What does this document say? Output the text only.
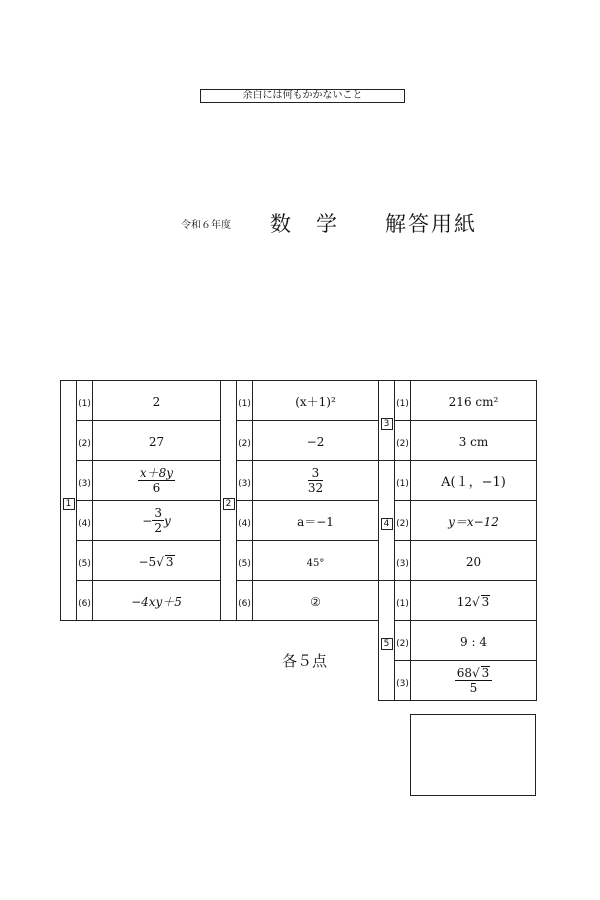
余白には何もかかないこと
令和６年度 数　学　　解答用紙
1	(1)	2
	(2)	27
	(3)	$\frac{x+8y}{6}$

	(4)	− $\frac{3}{2}$ y
	(5)	−5√ 3
	(6)	−4xy＋5
2	(1)	(x＋1)²
	(2)	−2
	(3)	$\frac{3}{32}$

	(4)	a＝−1
	(5)	45°
	(6)	②
3	(1)	216 cm²
	(2)	3 cm
4	(1)	A(１，−1)
	(2)	y＝x−12
	(3)	20
5	(1)	12√ 3
	(2)	9 : 4
	(3)	$\frac{68√ 3}{5}$
各５点
